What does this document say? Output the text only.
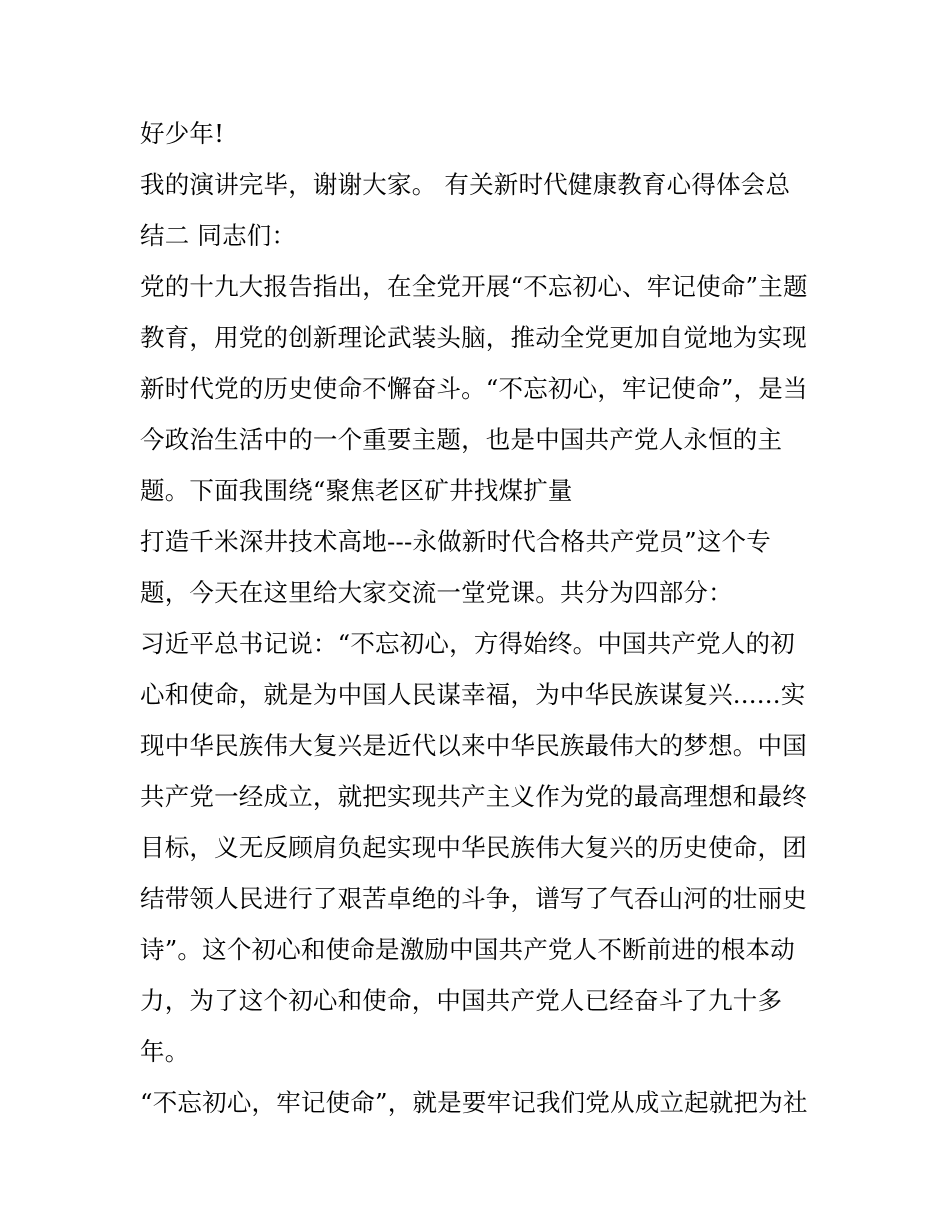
好少年!
我的演讲完毕，谢谢大家。 有关新时代健康教育心得体会总
结二 同志们：
党的十九大报告指出，在全党开展“不忘初心、牢记使命”主题
教育，用党的创新理论武装头脑，推动全党更加自觉地为实现
新时代党的历史使命不懈奋斗。“不忘初心，牢记使命”，是当
今政治生活中的一个重要主题，也是中国共产党人永恒的主
题。下面我围绕“聚焦老区矿井找煤扩量
打造千米深井技术高地---永做新时代合格共产党员”这个专
题，今天在这里给大家交流一堂党课。共分为四部分：
习近平总书记说：“不忘初心，方得始终。中国共产党人的初
心和使命，就是为中国人民谋幸福，为中华民族谋复兴......实
现中华民族伟大复兴是近代以来中华民族最伟大的梦想。中国
共产党一经成立，就把实现共产主义作为党的最高理想和最终
目标，义无反顾肩负起实现中华民族伟大复兴的历史使命，团
结带领人民进行了艰苦卓绝的斗争，谱写了气吞山河的壮丽史
诗”。这个初心和使命是激励中国共产党人不断前进的根本动
力，为了这个初心和使命，中国共产党人已经奋斗了九十多
年。
“不忘初心，牢记使命”，就是要牢记我们党从成立起就把为社
